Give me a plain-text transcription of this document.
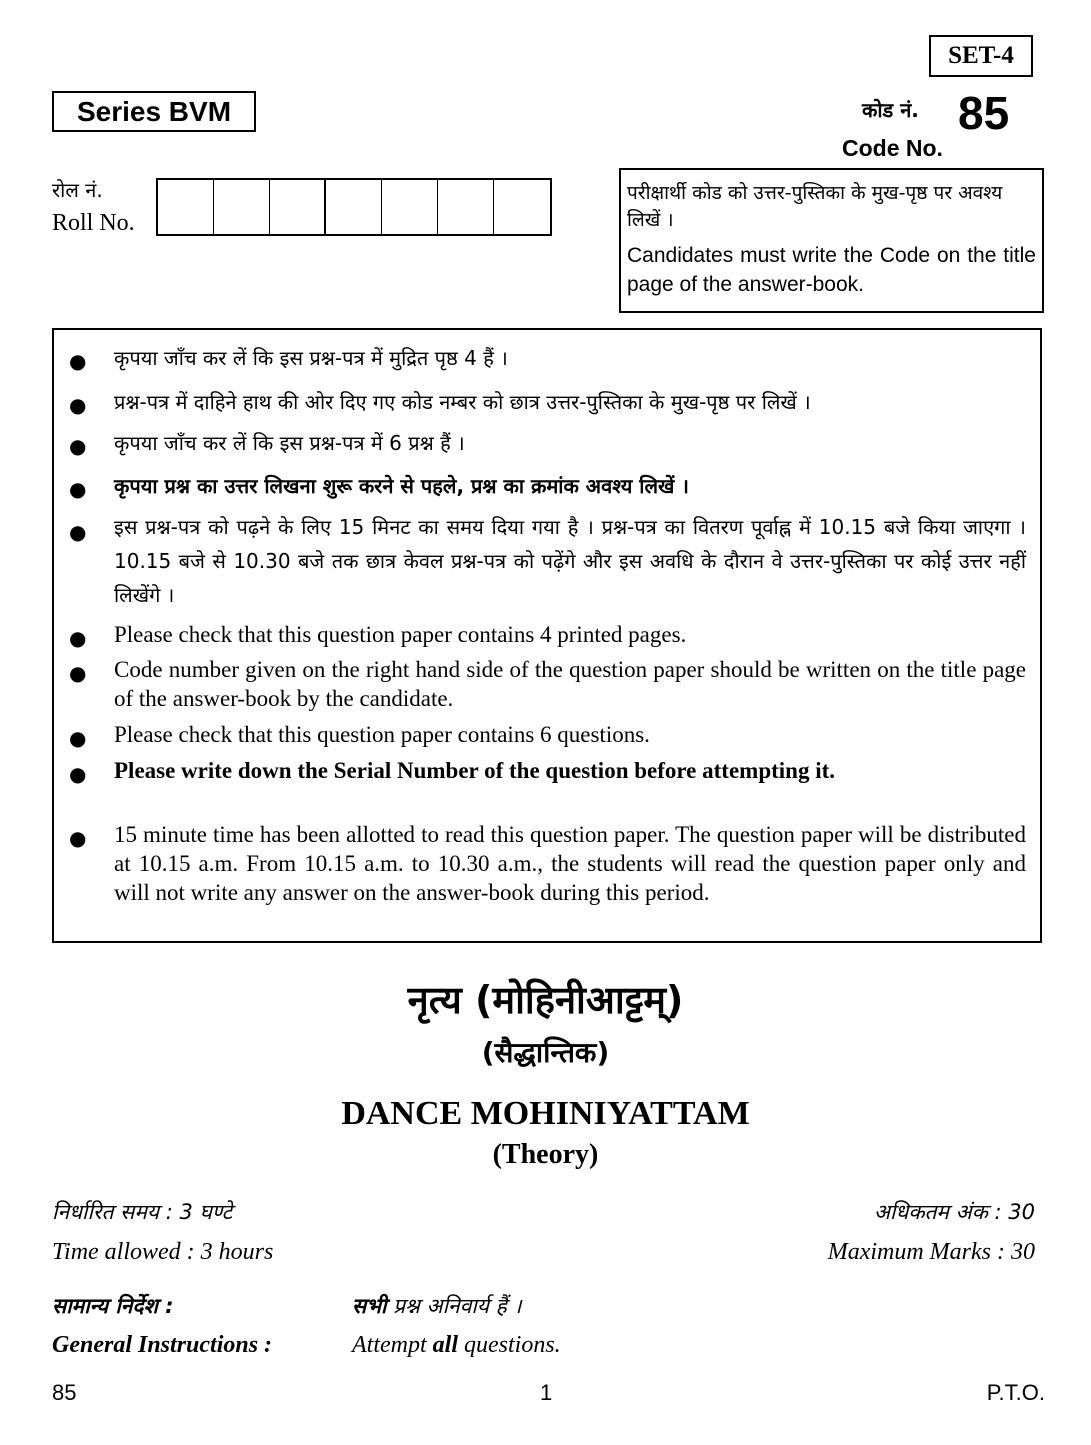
SET-4
Series BVM	कोड नं. 85
Code No.
रोल नं.
Roll No.
परीक्षार्थी कोड को उत्तर-पुस्तिका के मुख-पृष्ठ पर अवश्य लिखें ।
Candidates must write the Code on the title page of the answer-book.
● कृपया जाँच कर लें कि इस प्रश्न-पत्र में मुद्रित पृष्ठ 4 हैं ।
● प्रश्न-पत्र में दाहिने हाथ की ओर दिए गए कोड नम्बर को छात्र उत्तर-पुस्तिका के मुख-पृष्ठ पर लिखें ।
● कृपया जाँच कर लें कि इस प्रश्न-पत्र में 6 प्रश्न हैं ।
● कृपया प्रश्न का उत्तर लिखना शुरू करने से पहले, प्रश्न का क्रमांक अवश्य लिखें ।
● इस प्रश्न-पत्र को पढ़ने के लिए 15 मिनट का समय दिया गया है । प्रश्न-पत्र का वितरण पूर्वाह्न में 10.15 बजे किया जाएगा । 10.15 बजे से 10.30 बजे तक छात्र केवल प्रश्न-पत्र को पढ़ेंगे और इस अवधि के दौरान वे उत्तर-पुस्तिका पर कोई उत्तर नहीं लिखेंगे ।
● Please check that this question paper contains 4 printed pages.
● Code number given on the right hand side of the question paper should be written on the title page of the answer-book by the candidate.
● Please check that this question paper contains 6 questions.
● Please write down the Serial Number of the question before attempting it.
● 15 minute time has been allotted to read this question paper. The question paper will be distributed at 10.15 a.m. From 10.15 a.m. to 10.30 a.m., the students will read the question paper only and will not write any answer on the answer-book during this period.
नृत्य (मोहिनीआट्टम्)
(सैद्धान्तिक)
DANCE MOHINIYATTAM
(Theory)
निर्धारित समय : 3 घण्टे
Time allowed : 3 hours
अधिकतम अंक : 30
Maximum Marks : 30
सामान्य निर्देश :	सभी प्रश्न अनिवार्य हैं ।
General Instructions :	Attempt all questions.
85	1	P.T.O.
